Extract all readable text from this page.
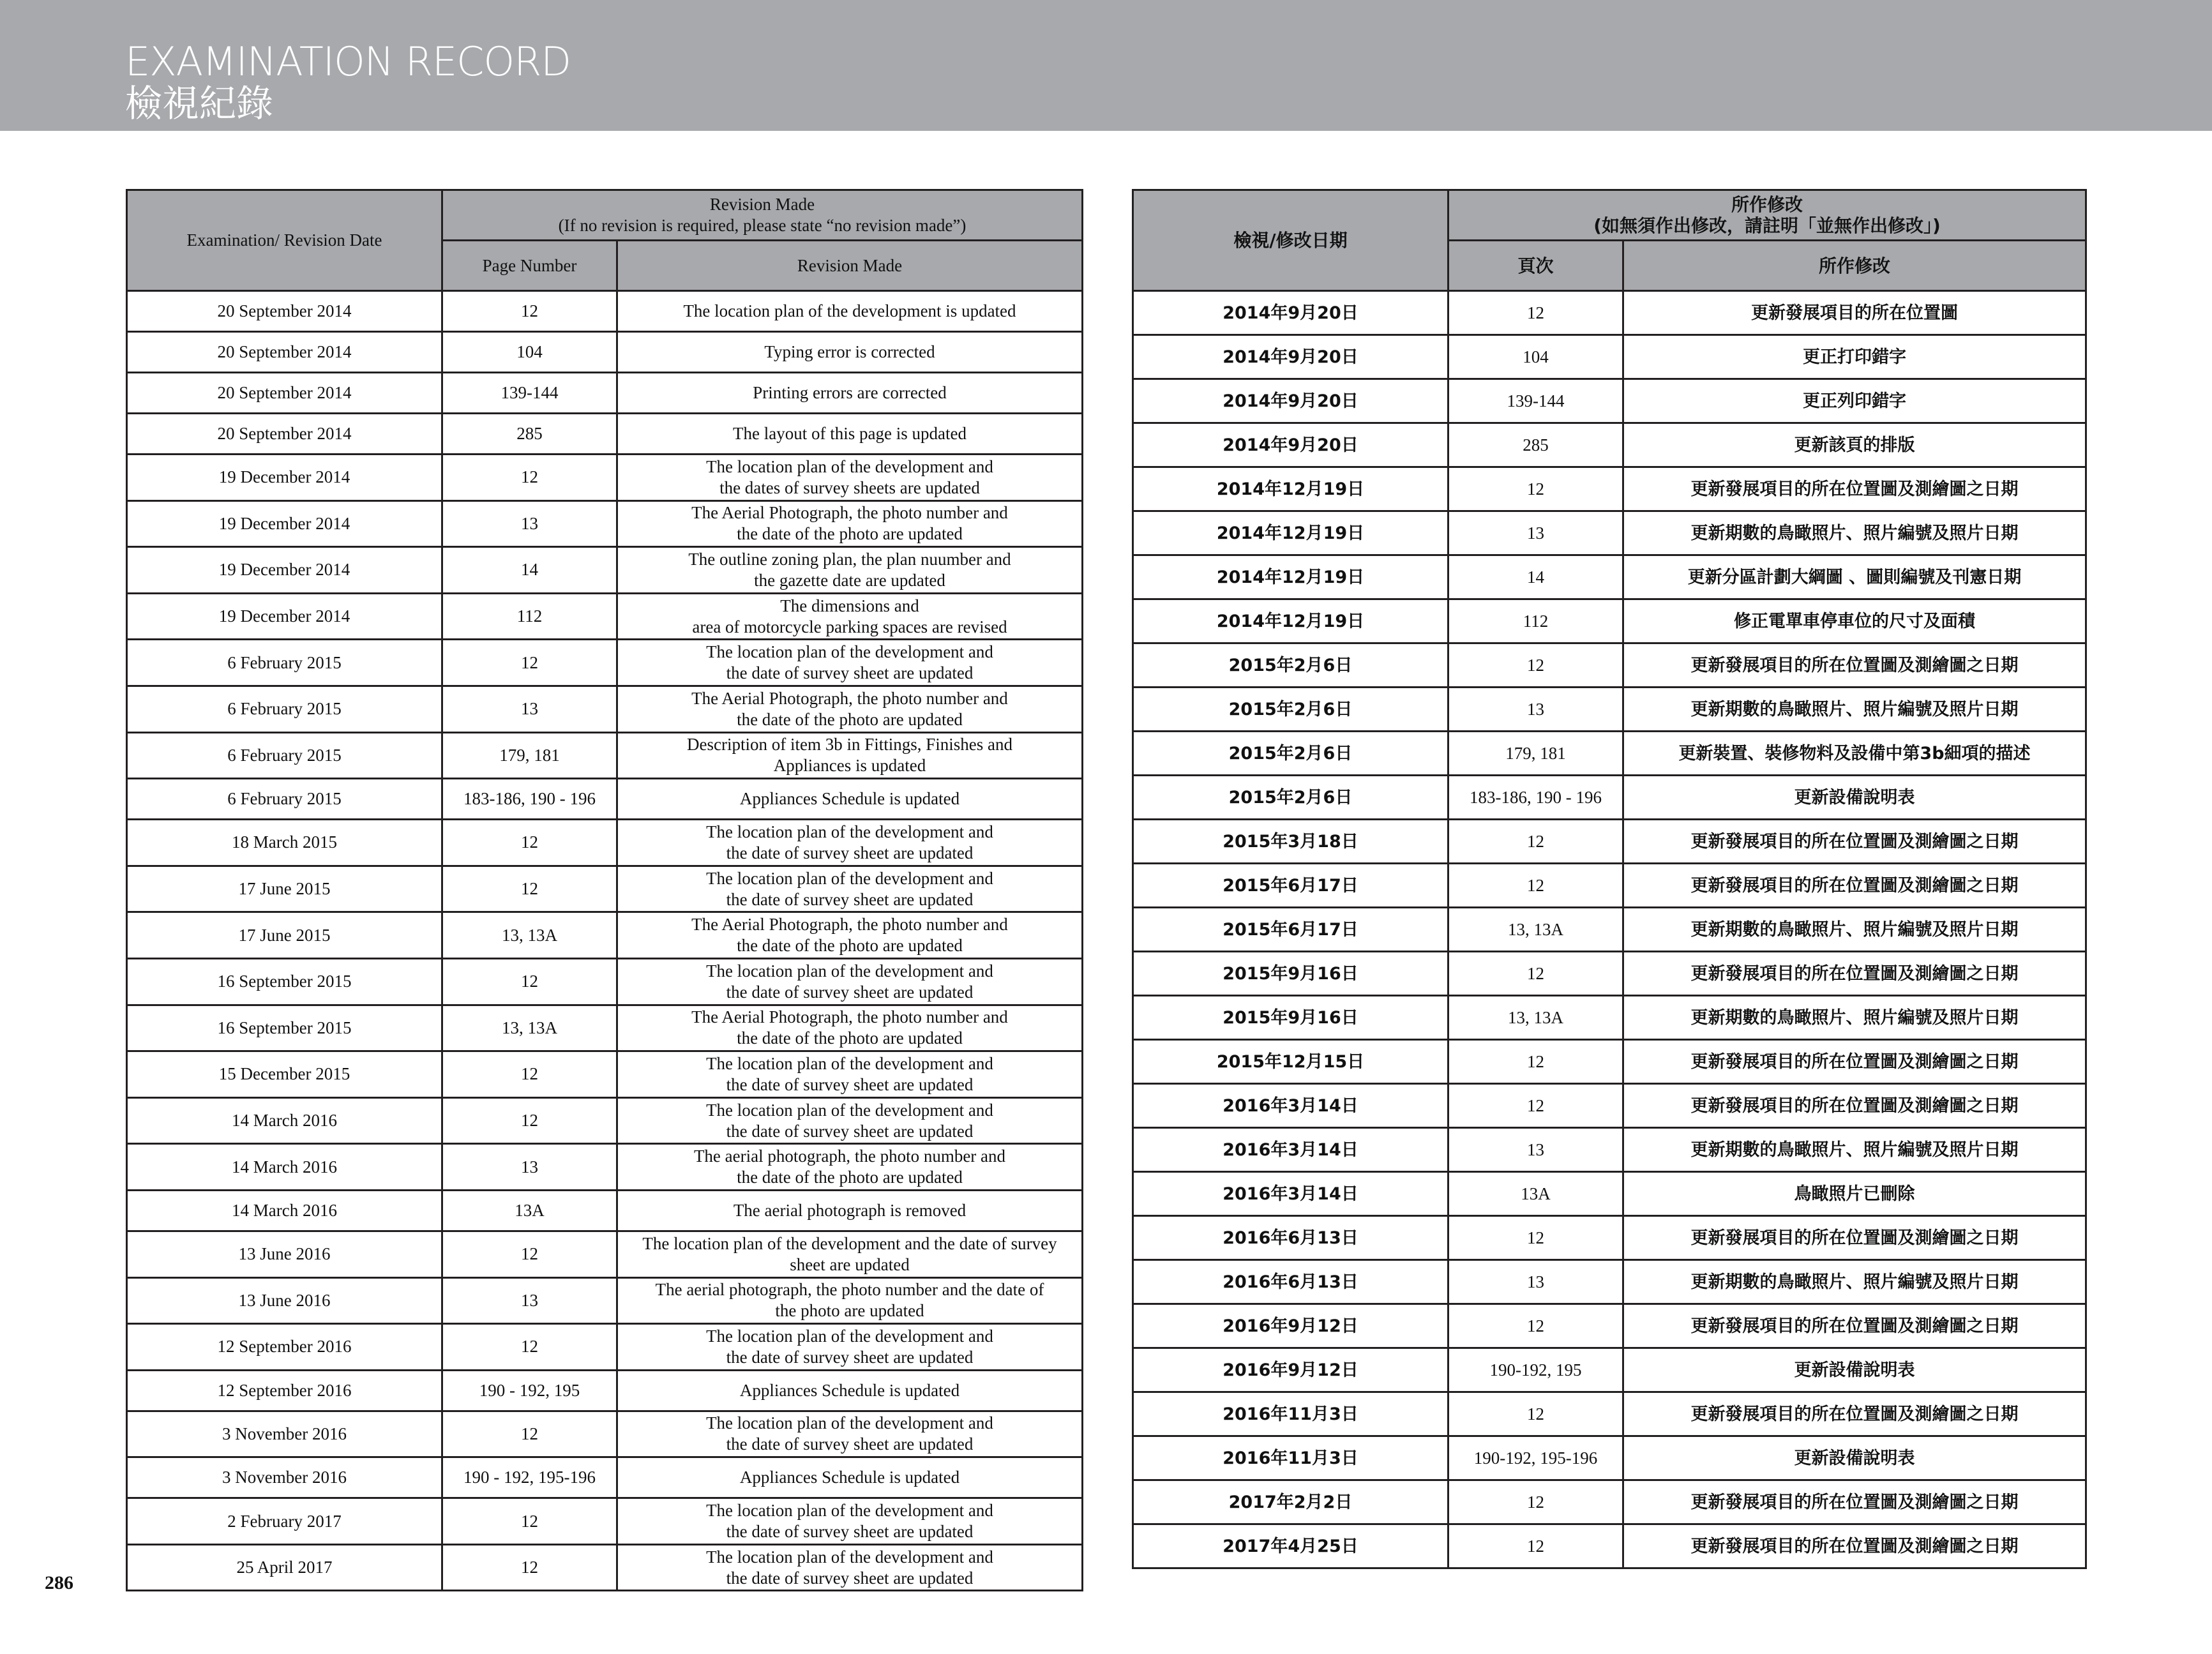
EXAMINATION RECORD
檢視紀錄
Examination/ Revision Date	Revision Made
(If no revision is required, please state “no revision made”)	

	Page Number	Revision Made
20 September 2014	12	The location plan of the development is updated

20 September 2014	104	Typing error is corrected

20 September 2014	139-144	Printing errors are corrected

20 September 2014	285	The layout of this page is updated

19 December 2014	12	The location plan of the development and
the dates of survey sheets are updated

19 December 2014	13	The Aerial Photograph, the photo number and
the date of the photo are updated

19 December 2014	14	The outline zoning plan, the plan nuumber and
the gazette date are updated

19 December 2014	112	The dimensions and
area of motorcycle parking spaces are revised

6 February 2015	12	The location plan of the development and
the date of survey sheet are updated

6 February 2015	13	The Aerial Photograph, the photo number and
the date of the photo are updated

6 February 2015	179, 181	Description of item 3b in Fittings, Finishes and
Appliances is updated

6 February 2015	183-186, 190 - 196	Appliances Schedule is updated

18 March 2015	12	The location plan of the development and
the date of survey sheet are updated

17 June 2015	12	The location plan of the development and
the date of survey sheet are updated

17 June 2015	13, 13A	The Aerial Photograph, the photo number and
the date of the photo are updated

16 September 2015	12	The location plan of the development and
the date of survey sheet are updated

16 September 2015	13, 13A	The Aerial Photograph, the photo number and
the date of the photo are updated

15 December 2015	12	The location plan of the development and
the date of survey sheet are updated

14 March 2016	12	The location plan of the development and
the date of survey sheet are updated

14 March 2016	13	The aerial photograph, the photo number and
the date of the photo are updated

14 March 2016	13A	The aerial photograph is removed

13 June 2016	12	The location plan of the development and the date of survey
sheet are updated

13 June 2016	13	The aerial photograph, the photo number and the date of
the photo are updated

12 September 2016	12	The location plan of the development and
the date of survey sheet are updated

12 September 2016	190 - 192, 195	Appliances Schedule is updated

3 November 2016	12	The location plan of the development and
the date of survey sheet are updated

3 November 2016	190 - 192, 195-196	Appliances Schedule is updated

2 February 2017	12	The location plan of the development and
the date of survey sheet are updated

25 April 2017	12	The location plan of the development and
the date of survey sheet are updated
檢視/修改日期	所作修改
(如無須作出修改，請註明「並無作出修改」)	

	頁次	所作修改
2014年9月20日	12	更新發展項目的所在位置圖
2014年9月20日	104	更正打印錯字
2014年9月20日	139-144	更正列印錯字
2014年9月20日	285	更新該頁的排版
2014年12月19日	12	更新發展項目的所在位置圖及測繪圖之日期
2014年12月19日	13	更新期數的鳥瞰照片、照片編號及照片日期
2014年12月19日	14	更新分區計劃大綱圖 、圖則編號及刊憲日期
2014年12月19日	112	修正電單車停車位的尺寸及面積
2015年2月6日	12	更新發展項目的所在位置圖及測繪圖之日期
2015年2月6日	13	更新期數的鳥瞰照片、照片編號及照片日期
2015年2月6日	179, 181	更新裝置、裝修物料及設備中第3b細項的描述
2015年2月6日	183-186, 190 - 196	更新設備說明表
2015年3月18日	12	更新發展項目的所在位置圖及測繪圖之日期
2015年6月17日	12	更新發展項目的所在位置圖及測繪圖之日期
2015年6月17日	13, 13A	更新期數的鳥瞰照片、照片編號及照片日期
2015年9月16日	12	更新發展項目的所在位置圖及測繪圖之日期
2015年9月16日	13, 13A	更新期數的鳥瞰照片、照片編號及照片日期
2015年12月15日	12	更新發展項目的所在位置圖及測繪圖之日期
2016年3月14日	12	更新發展項目的所在位置圖及測繪圖之日期
2016年3月14日	13	更新期數的鳥瞰照片、照片編號及照片日期
2016年3月14日	13A	鳥瞰照片已刪除
2016年6月13日	12	更新發展項目的所在位置圖及測繪圖之日期
2016年6月13日	13	更新期數的鳥瞰照片、照片編號及照片日期
2016年9月12日	12	更新發展項目的所在位置圖及測繪圖之日期
2016年9月12日	190-192, 195	更新設備說明表
2016年11月3日	12	更新發展項目的所在位置圖及測繪圖之日期
2016年11月3日	190-192, 195-196	更新設備說明表
2017年2月2日	12	更新發展項目的所在位置圖及測繪圖之日期
2017年4月25日	12	更新發展項目的所在位置圖及測繪圖之日期
286
